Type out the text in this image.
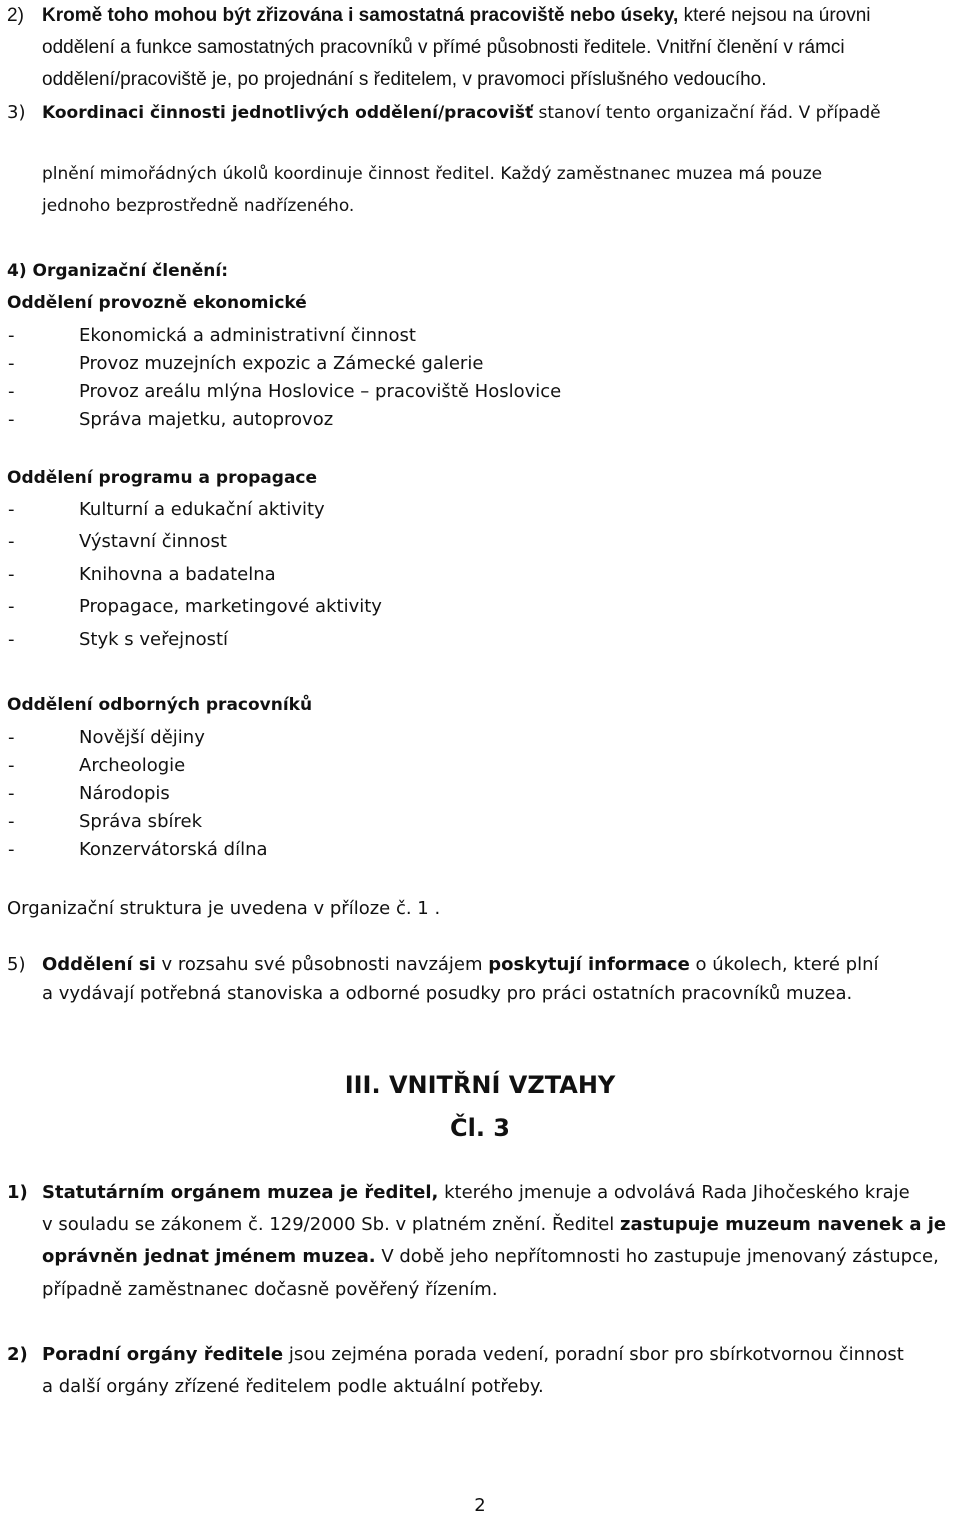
2) Kromě toho mohou být zřizována i samostatná pracoviště nebo úseky, které nejsou na úrovni
oddělení a funkce samostatných pracovníků v přímé působnosti ředitele. Vnitřní členění v rámci
oddělení/pracoviště je, po projednání s ředitelem, v pravomoci příslušného vedoucího.
3) Koordinaci činnosti jednotlivých oddělení/pracovišť stanoví tento organizační řád. V případě
plnění mimořádných úkolů koordinuje činnost ředitel. Každý zaměstnanec muzea má pouze
jednoho bezprostředně nadřízeného.
4) Organizační členění:
Oddělení provozně ekonomické
-	Ekonomická a administrativní činnost
-	Provoz muzejních expozic a Zámecké galerie
-	Provoz areálu mlýna Hoslovice – pracoviště Hoslovice
-	Správa majetku, autoprovoz
Oddělení programu a propagace
-	Kulturní a edukační aktivity
-	Výstavní činnost
-	Knihovna a badatelna
-	Propagace, marketingové aktivity
-	Styk s veřejností
Oddělení odborných pracovníků
-	Novější dějiny
-	Archeologie
-	Národopis
-	Správa sbírek
-	Konzervátorská dílna
Organizační struktura je uvedena v příloze č. 1 .
5) Oddělení si v rozsahu své působnosti navzájem poskytují informace o úkolech, které plní
a vydávají potřebná stanoviska a odborné posudky pro práci ostatních pracovníků muzea.
III. VNITŘNÍ VZTAHY
Čl. 3
1) Statutárním orgánem muzea je ředitel, kterého jmenuje a odvolává Rada Jihočeského kraje
v souladu se zákonem č. 129/2000 Sb. v platném znění. Ředitel zastupuje muzeum navenek a je
oprávněn jednat jménem muzea. V době jeho nepřítomnosti ho zastupuje jmenovaný zástupce,
případně zaměstnanec dočasně pověřený řízením.
2) Poradní orgány ředitele jsou zejména porada vedení, poradní sbor pro sbírkotvornou činnost
a další orgány zřízené ředitelem podle aktuální potřeby.
2
